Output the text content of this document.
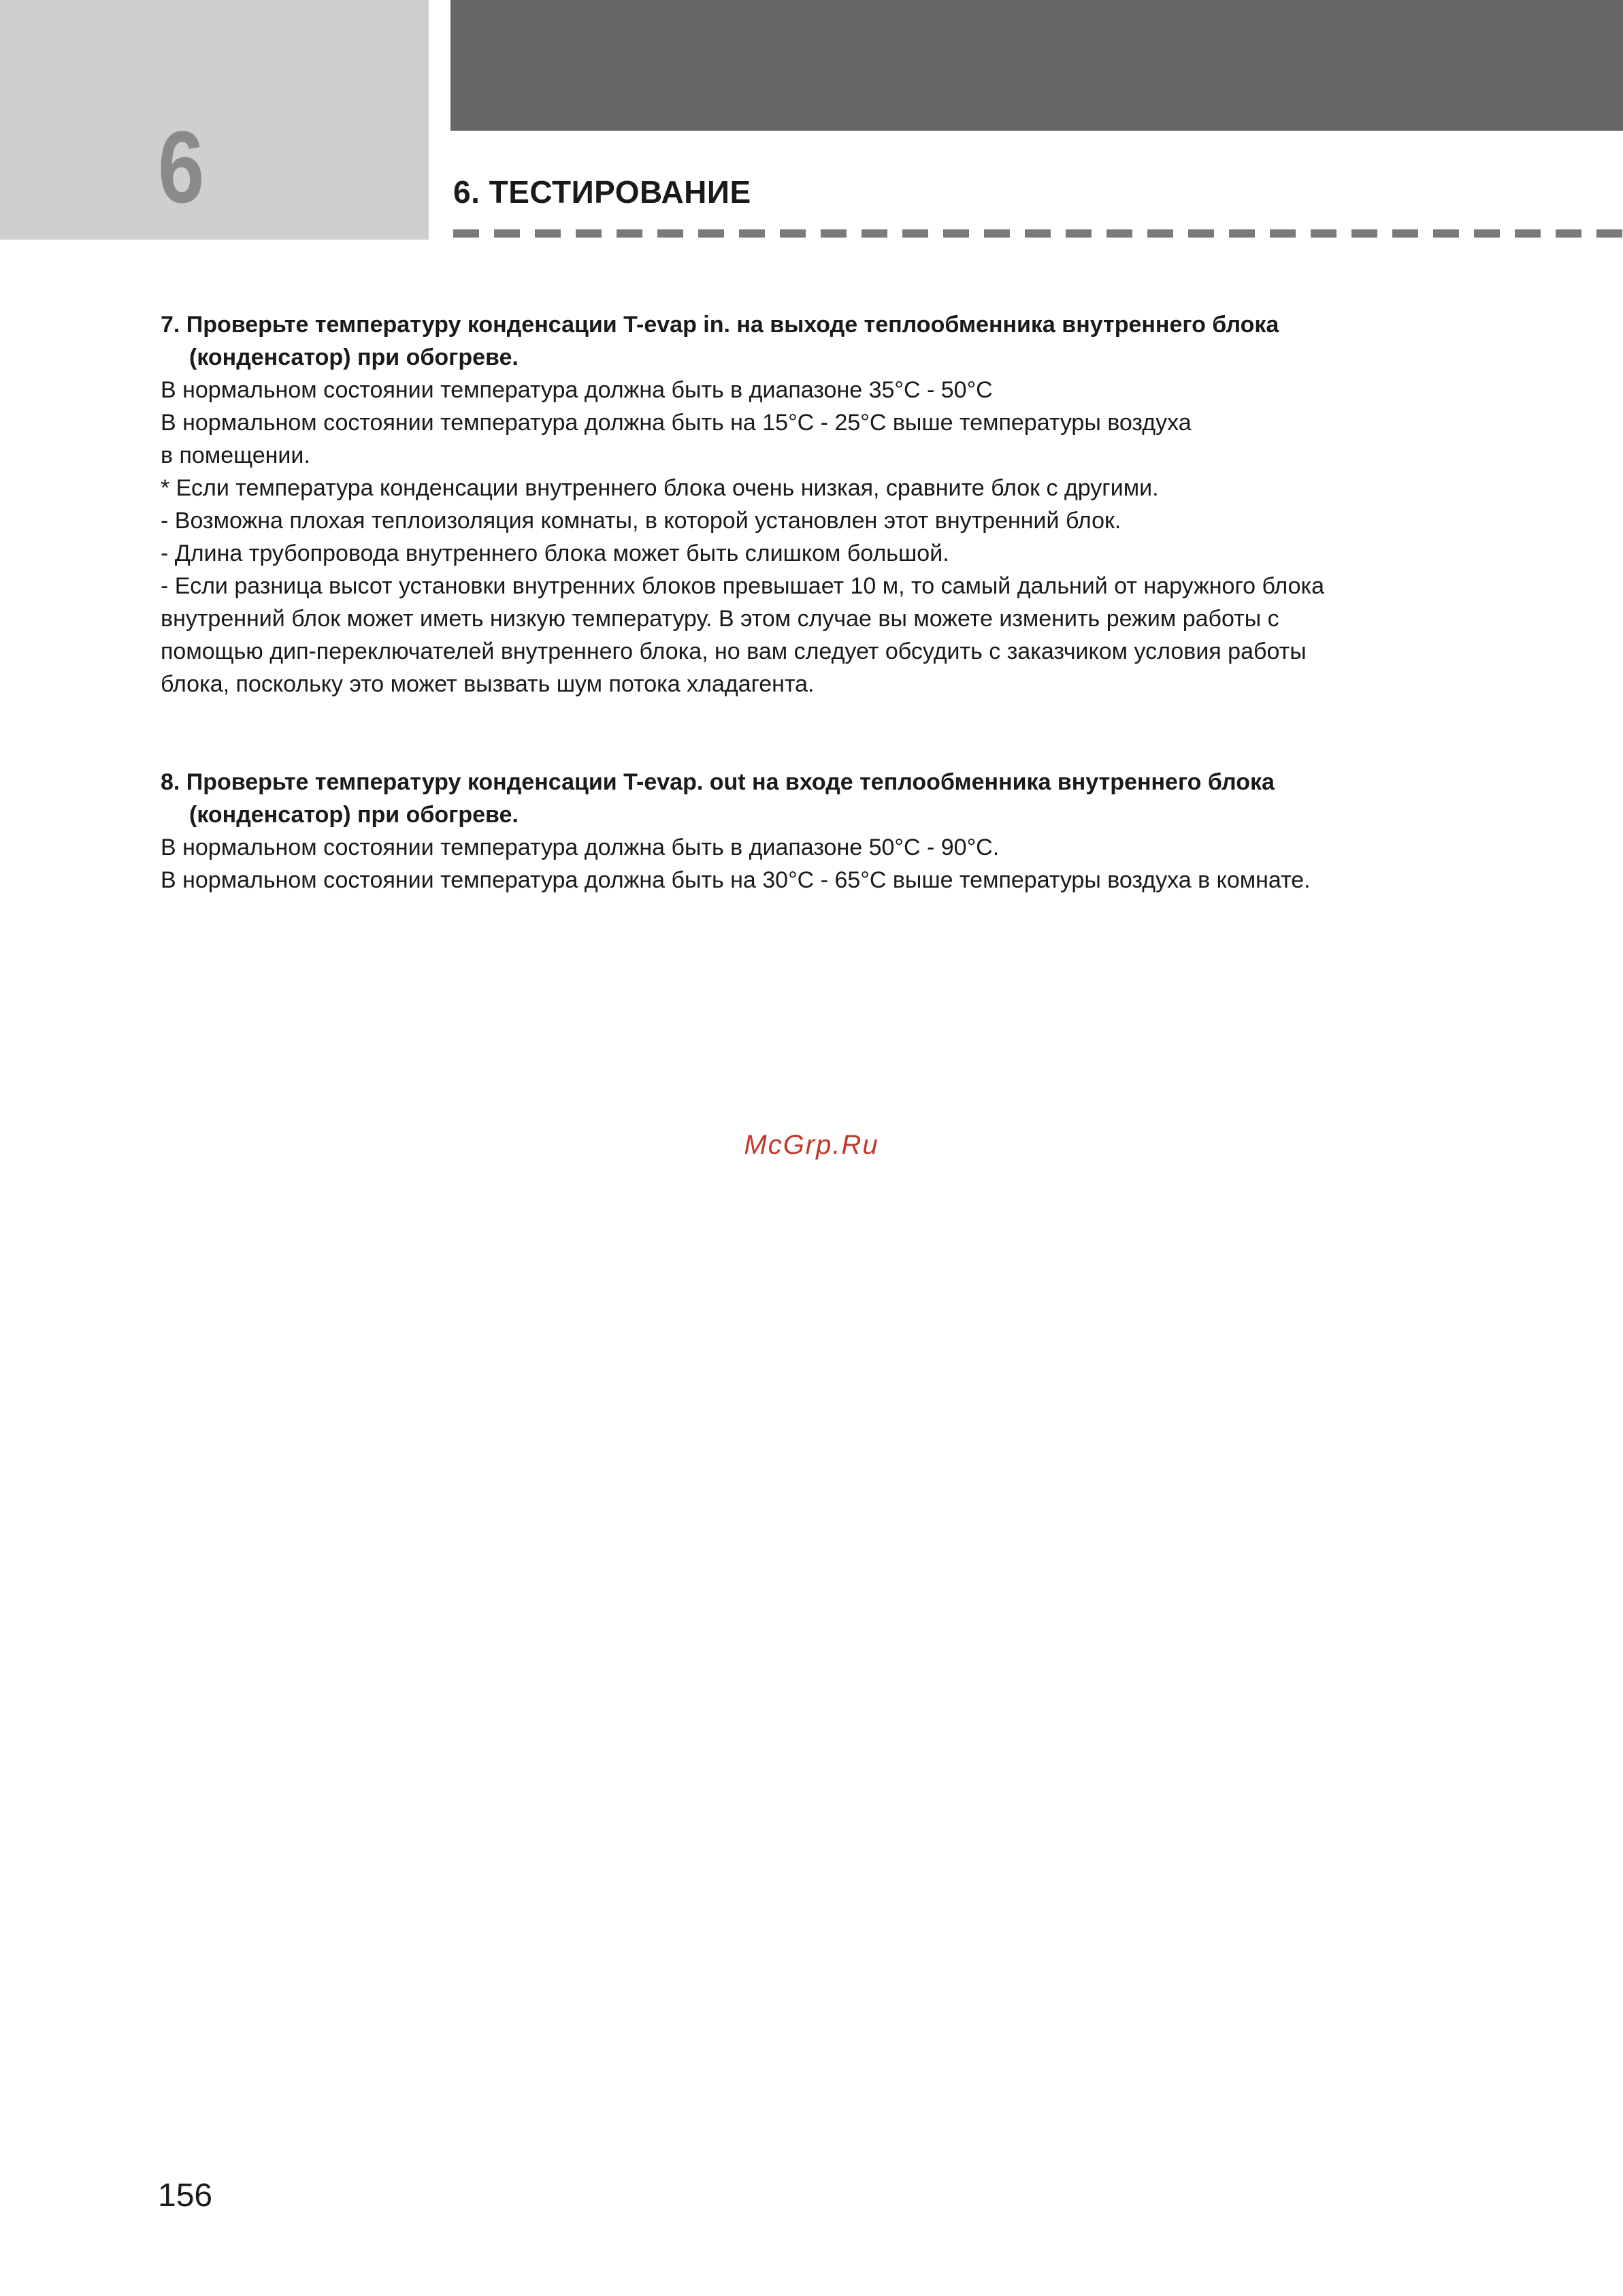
6	6. ТЕСТИРОВАНИЕ

7. Проверьте температуру конденсации T-evap in. на выходе теплообменника внутреннего блока
(конденсатор) при обогреве.

В нормальном состоянии температура должна быть в диапазоне 35°C - 50°C
В нормальном состоянии температура должна быть на 15°C - 25°C выше температуры воздуха
в помещении.
* Если температура конденсации внутреннего блока очень низкая, сравните блок с другими.
- Возможна плохая теплоизоляция комнаты, в которой установлен этот внутренний блок.
- Длина трубопровода внутреннего блока может быть слишком большой.
- Если разница высот установки внутренних блоков превышает 10 м, то самый дальний от наружного блока
внутренний блок может иметь низкую температуру. В этом случае вы можете изменить режим работы с
помощью дип-переключателей внутреннего блока, но вам следует обсудить с заказчиком условия работы
блока, поскольку это может вызвать шум потока хладагента.

8. Проверьте температуру конденсации T-evap. out на входе теплообменника внутреннего блока
(конденсатор) при обогреве.

В нормальном состоянии температура должна быть в диапазоне 50°C - 90°C.
В нормальном состоянии температура должна быть на 30°C - 65°C выше температуры воздуха в комнате.
McGrp.Ru
156
